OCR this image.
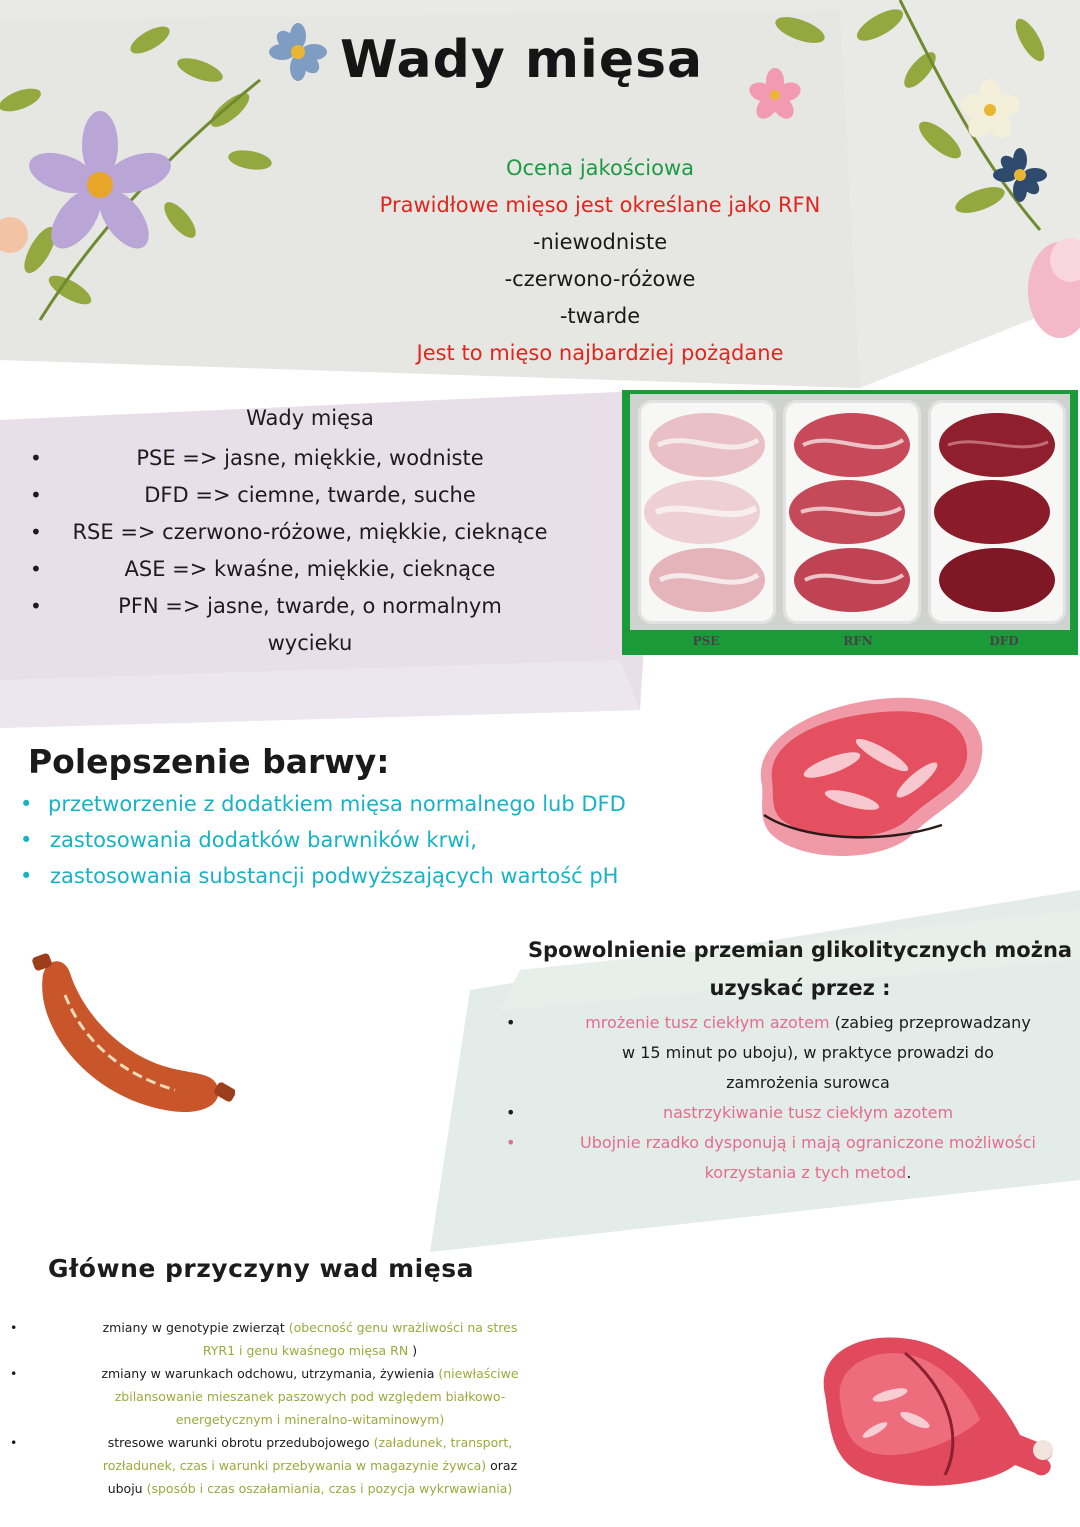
Wady mięsa
Ocena jakościowa
Prawidłowe mięso jest określane jako RFN
-niewodniste
-czerwono-różowe
-twarde
Jest to mięso najbardziej pożądane
Wady mięsa
•	PSE => jasne, miękkie, wodniste
•	DFD => ciemne, twarde, suche
• RSE => czerwono-różowe, miękkie, cieknące
•	ASE => kwaśne, miękkie, cieknące
•	PFN => jasne, twarde, o normalnym
wycieku	PSE	RFN	DFD
Polepszenie barwy:
• przetworzenie z dodatkiem mięsa normalnego lub DFD
• zastosowania dodatków barwników krwi,
• zastosowania substancji podwyższających wartość pH
Spowolnienie przemian glikolitycznych można
uzyskać przez :
•	mrożenie tusz ciekłym azotem (zabieg przeprowadzany
w 15 minut po uboju), w praktyce prowadzi do
zamrożenia surowca
•	nastrzykiwanie tusz ciekłym azotem
•	Ubojnie rzadko dysponują i mają ograniczone możliwości
korzystania z tych metod.
Główne przyczyny wad mięsa
•	zmiany w genotypie zwierząt (obecność genu wrażliwości na stres
RYR1 i genu kwaśnego mięsa RN )
•	zmiany w warunkach odchowu, utrzymania, żywienia (niewłaściwe
zbilansowanie mieszanek paszowych pod względem białkowo-
energetycznym i mineralno-witaminowym)
•	stresowe warunki obrotu przedubojowego (załadunek, transport,
rozładunek, czas i warunki przebywania w magazynie żywca) oraz
uboju (sposób i czas oszałamiania, czas i pozycja wykrwawiania)
